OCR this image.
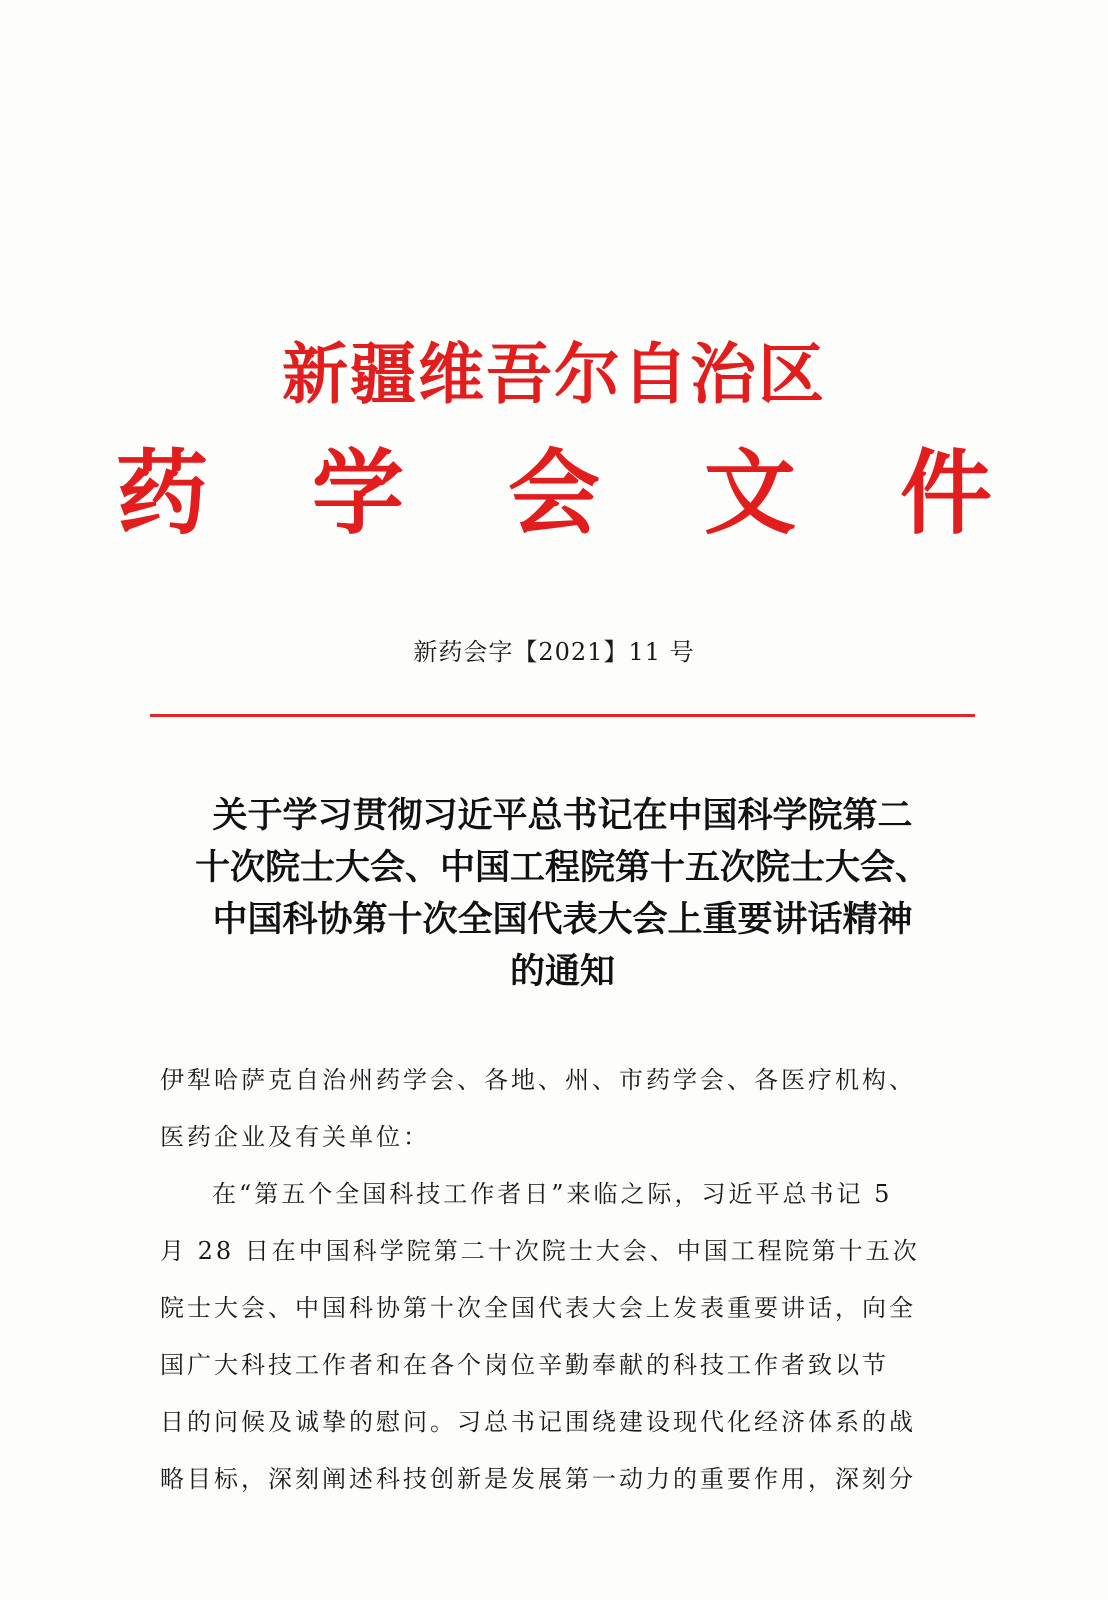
新疆维吾尔自治区
药 学 会 文 件
新药会字【2021】11 号
关于学习贯彻习近平总书记在中国科学院第二
十次院士大会、中国工程院第十五次院士大会、
中国科协第十次全国代表大会上重要讲话精神
的通知
伊犁哈萨克自治州药学会、各地、州、市药学会、各医疗机构、
医药企业及有关单位：
在“第五个全国科技工作者日”来临之际，习近平总书记 5
月 28 日在中国科学院第二十次院士大会、中国工程院第十五次
院士大会、中国科协第十次全国代表大会上发表重要讲话，向全
国广大科技工作者和在各个岗位辛勤奉献的科技工作者致以节
日的问候及诚挚的慰问。习总书记围绕建设现代化经济体系的战
略目标，深刻阐述科技创新是发展第一动力的重要作用，深刻分
